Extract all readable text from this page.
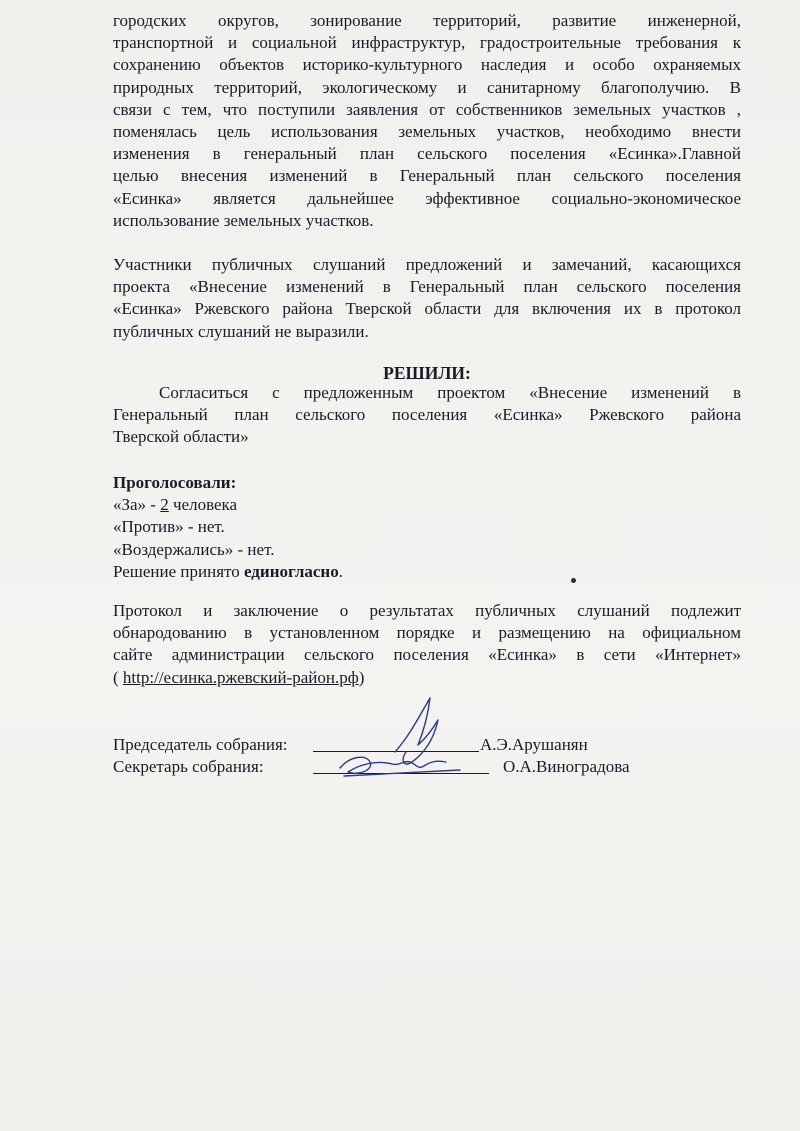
городских округов, зонирование территорий, развитие инженерной,
транспортной и социальной инфраструктур, градостроительные требования к
сохранению объектов историко-культурного наследия и особо охраняемых
природных территорий, экологическому и санитарному благополучию. В
связи с тем, что поступили заявления от собственников земельных участков ,
поменялась цель использования земельных участков, необходимо внести
изменения в генеральный план сельского поселения «Есинка».Главной
целью внесения изменений в Генеральный план сельского поселения
«Есинка» является дальнейшее эффективное социально-экономическое
использование земельных участков.
Участники публичных слушаний предложений и замечаний, касающихся
проекта «Внесение изменений в Генеральный план сельского поселения
«Есинка» Ржевского района Тверской области для включения их в протокол
публичных слушаний не выразили.
РЕШИЛИ:
Согласиться с предложенным проектом «Внесение изменений в
Генеральный план сельского поселения «Есинка» Ржевского района
Тверской области»
Проголосовали:
«За» - 2 человека
«Против» - нет.
«Воздержались» - нет.
Решение принято единогласно.
Протокол и заключение о результатах публичных слушаний подлежит
обнародованию в установленном порядке и размещению на официальном
сайте администрации сельского поселения «Есинка» в сети «Интернет»
( http://есинка.ржевский-район.рф)
Председатель собрания:	А.Э.Арушанян
Секретарь собрания:	О.А.Виноградова
